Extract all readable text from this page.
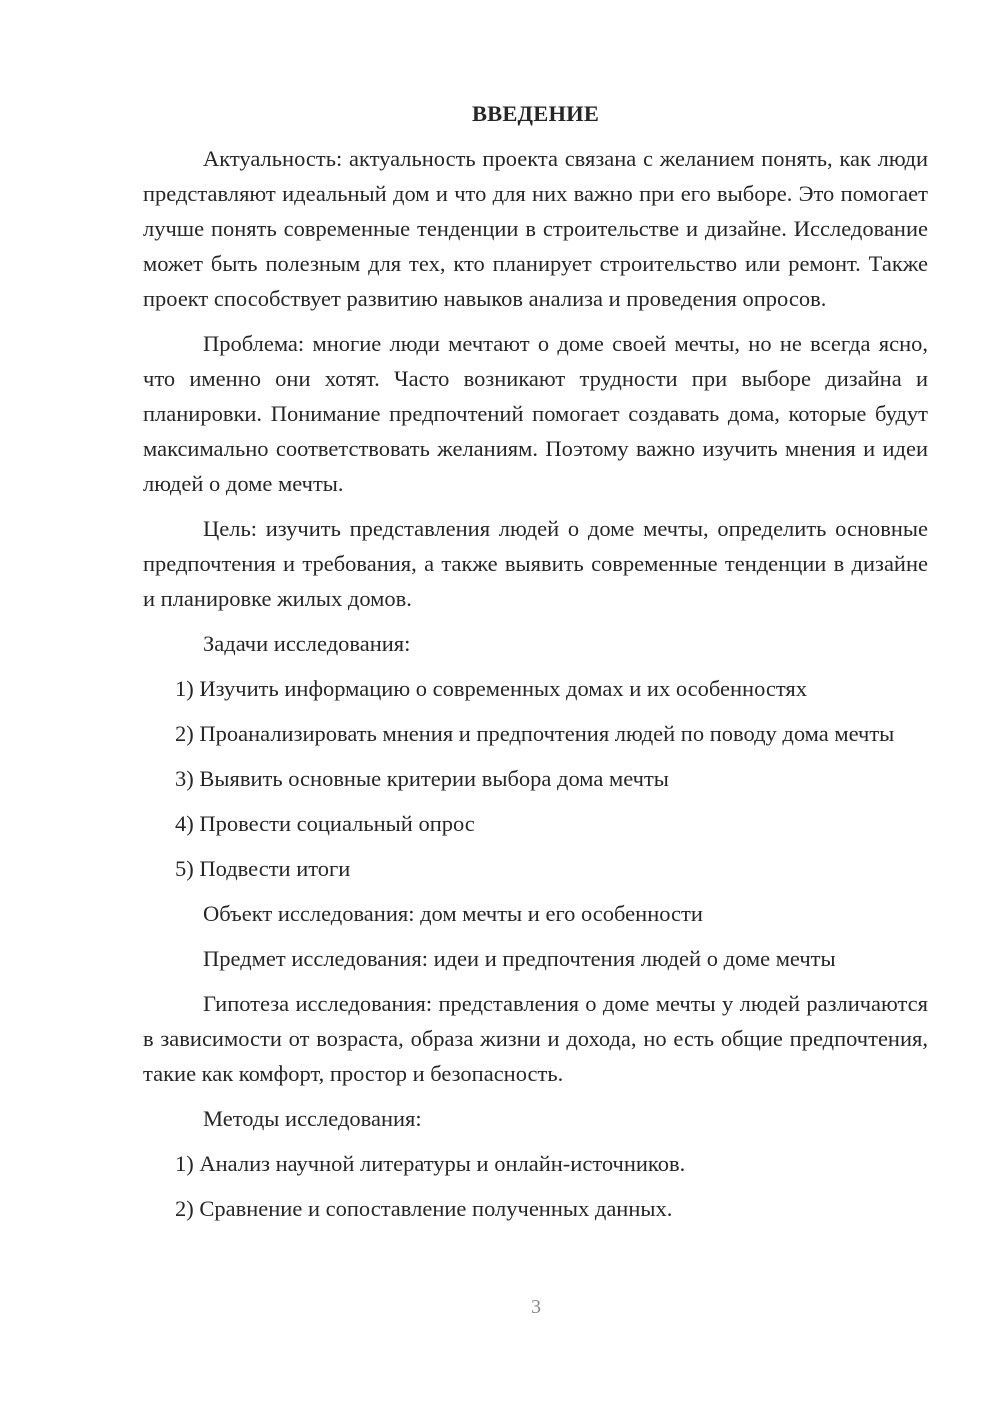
ВВЕДЕНИЕ

Актуальность: актуальность проекта связана с желанием понять, как люди представляют идеальный дом и что для них важно при его выборе. Это помогает лучше понять современные тенденции в строительстве и дизайне. Исследование может быть полезным для тех, кто планирует строительство или ремонт. Также проект способствует развитию навыков анализа и проведения опросов.

Проблема: многие люди мечтают о доме своей мечты, но не всегда ясно, что именно они хотят. Часто возникают трудности при выборе дизайна и планировки. Понимание предпочтений помогает создавать дома, которые будут максимально соответствовать желаниям. Поэтому важно изучить мнения и идеи людей о доме мечты.

Цель: изучить представления людей о доме мечты, определить основные предпочтения и требования, а также выявить современные тенденции в дизайне и планировке жилых домов.

Задачи исследования:

1) Изучить информацию о современных домах и их особенностях

2) Проанализировать мнения и предпочтения людей по поводу дома мечты

3) Выявить основные критерии выбора дома мечты

4) Провести социальный опрос

5) Подвести итоги

Объект исследования: дом мечты и его особенности

Предмет исследования: идеи и предпочтения людей о доме мечты

Гипотеза исследования: представления о доме мечты у людей различаются в зависимости от возраста, образа жизни и дохода, но есть общие предпочтения, такие как комфорт, простор и безопасность.

Методы исследования:

1) Анализ научной литературы и онлайн-источников.

2) Сравнение и сопоставление полученных данных.

3
